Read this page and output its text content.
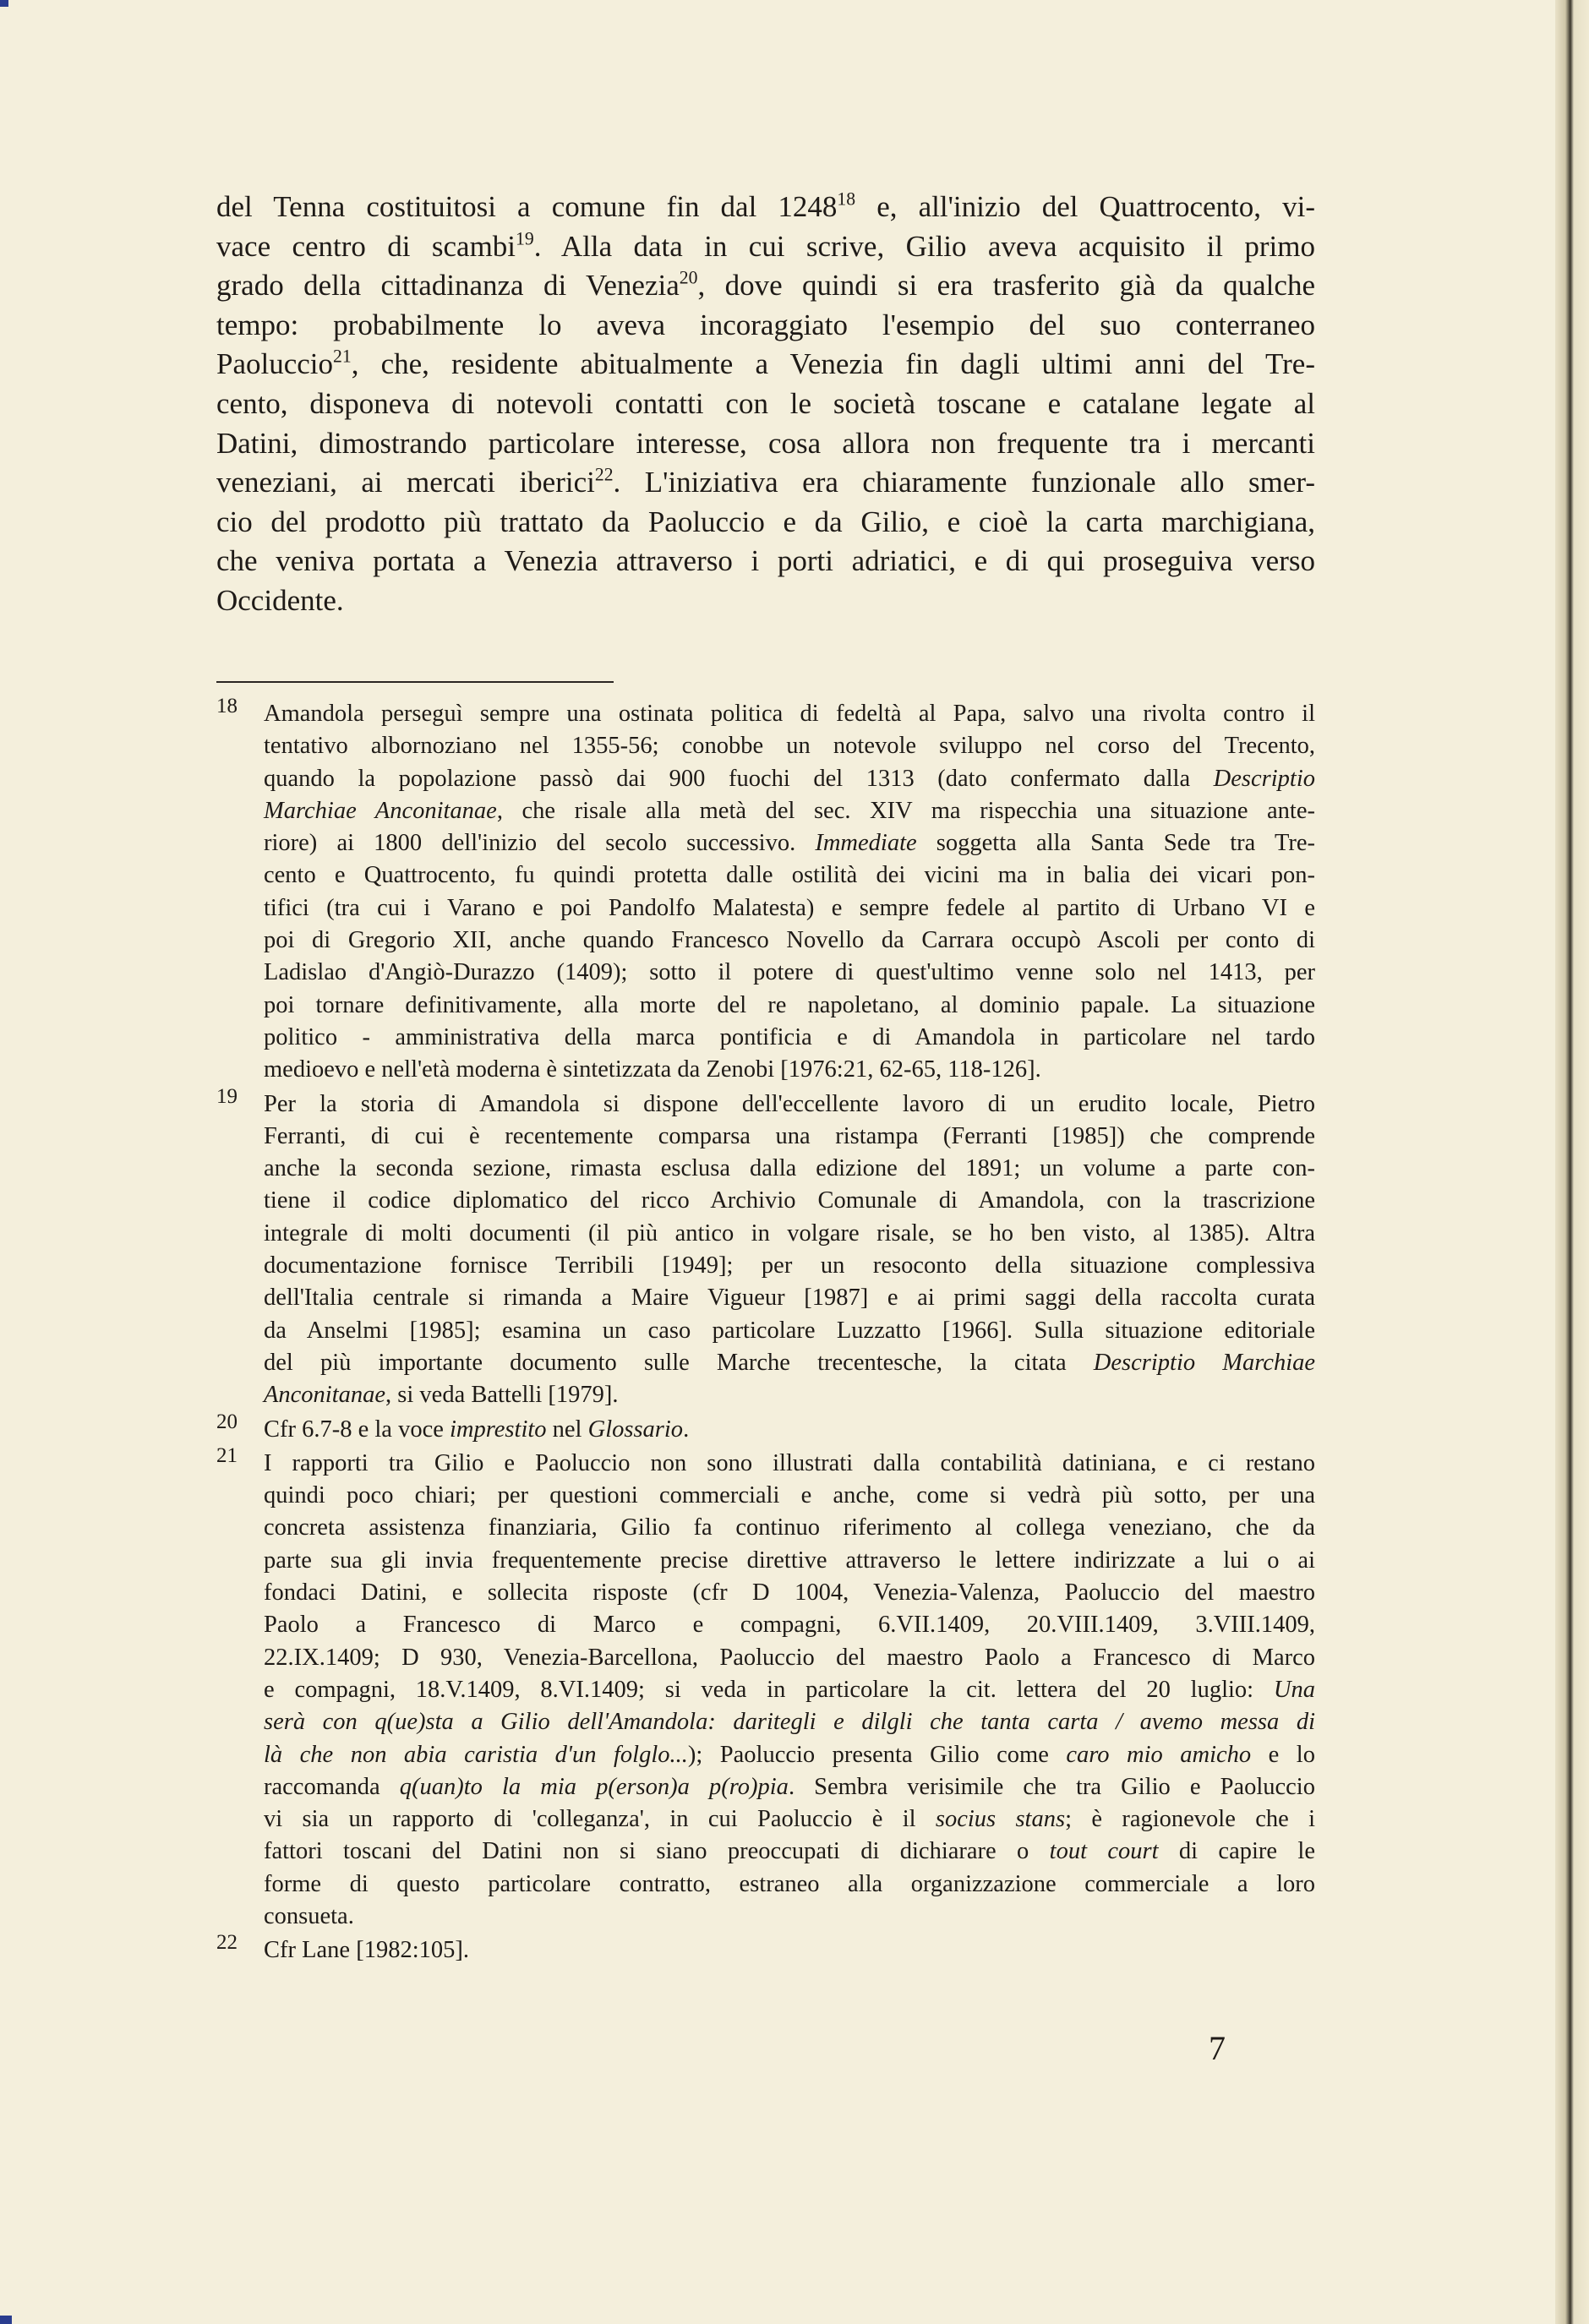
del Tenna costituitosi a comune fin dal 1248$^{18}$ e, all'inizio del Quattrocento, vi-
vace centro di scambi$^{19}$. Alla data in cui scrive, Gilio aveva acquisito il primo
grado della cittadinanza di Venezia$^{20}$, dove quindi si era trasferito già da qualche
tempo: probabilmente lo aveva incoraggiato l'esempio del suo conterraneo
Paoluccio$^{21}$, che, residente abitualmente a Venezia fin dagli ultimi anni del Tre-
cento, disponeva di notevoli contatti con le società toscane e catalane legate al
Datini, dimostrando particolare interesse, cosa allora non frequente tra i mercanti
veneziani, ai mercati iberici$^{22}$. L'iniziativa era chiaramente funzionale allo smer-
cio del prodotto più trattato da Paoluccio e da Gilio, e cioè la carta marchigiana,
che veniva portata a Venezia attraverso i porti adriatici, e di qui proseguiva verso
Occidente.
18 Amandola perseguì sempre una ostinata politica di fedeltà al Papa, salvo una rivolta contro il
tentativo albornoziano nel 1355-56; conobbe un notevole sviluppo nel corso del Trecento,
quando la popolazione passò dai 900 fuochi del 1313 (dato confermato dalla Descriptio
Marchiae Anconitanae, che risale alla metà del sec. XIV ma rispecchia una situazione ante-
riore) ai 1800 dell'inizio del secolo successivo. Immediate soggetta alla Santa Sede tra Tre-
cento e Quattrocento, fu quindi protetta dalle ostilità dei vicini ma in balia dei vicari pon-
tifici (tra cui i Varano e poi Pandolfo Malatesta) e sempre fedele al partito di Urbano VI e
poi di Gregorio XII, anche quando Francesco Novello da Carrara occupò Ascoli per conto di
Ladislao d'Angiò-Durazzo (1409); sotto il potere di quest'ultimo venne solo nel 1413, per
poi tornare definitivamente, alla morte del re napoletano, al dominio papale. La situazione
politico - amministrativa della marca pontificia e di Amandola in particolare nel tardo
medioevo e nell'età moderna è sintetizzata da Zenobi [1976:21, 62-65, 118-126].
19 Per la storia di Amandola si dispone dell'eccellente lavoro di un erudito locale, Pietro
Ferranti, di cui è recentemente comparsa una ristampa (Ferranti [1985]) che comprende
anche la seconda sezione, rimasta esclusa dalla edizione del 1891; un volume a parte con-
tiene il codice diplomatico del ricco Archivio Comunale di Amandola, con la trascrizione
integrale di molti documenti (il più antico in volgare risale, se ho ben visto, al 1385). Altra
documentazione fornisce Terribili [1949]; per un resoconto della situazione complessiva
dell'Italia centrale si rimanda a Maire Vigueur [1987] e ai primi saggi della raccolta curata
da Anselmi [1985]; esamina un caso particolare Luzzatto [1966]. Sulla situazione editoriale
del più importante documento sulle Marche trecentesche, la citata Descriptio Marchiae
Anconitanae, si veda Battelli [1979].
20 Cfr 6.7-8 e la voce imprestito nel Glossario.
21 I rapporti tra Gilio e Paoluccio non sono illustrati dalla contabilità datiniana, e ci restano
quindi poco chiari; per questioni commerciali e anche, come si vedrà più sotto, per una
concreta assistenza finanziaria, Gilio fa continuo riferimento al collega veneziano, che da
parte sua gli invia frequentemente precise direttive attraverso le lettere indirizzate a lui o ai
fondaci Datini, e sollecita risposte (cfr D 1004, Venezia-Valenza, Paoluccio del maestro
Paolo a Francesco di Marco e compagni, 6.VII.1409, 20.VIII.1409, 3.VIII.1409,
22.IX.1409; D 930, Venezia-Barcellona, Paoluccio del maestro Paolo a Francesco di Marco
e compagni, 18.V.1409, 8.VI.1409; si veda in particolare la cit. lettera del 20 luglio: Una
serà con q(ue)sta a Gilio dell'Amandola: daritegli e dilgli che tanta carta / avemo messa di
là che non abia caristia d'un folglo...); Paoluccio presenta Gilio come caro mio amicho e lo
raccomanda q(uan)to la mia p(erson)a p(ro)pia. Sembra verisimile che tra Gilio e Paoluccio
vi sia un rapporto di 'colleganza', in cui Paoluccio è il socius stans; è ragionevole che i
fattori toscani del Datini non si siano preoccupati di dichiarare o tout court di capire le
forme di questo particolare contratto, estraneo alla organizzazione commerciale a loro
consueta.
22 Cfr Lane [1982:105].
7
